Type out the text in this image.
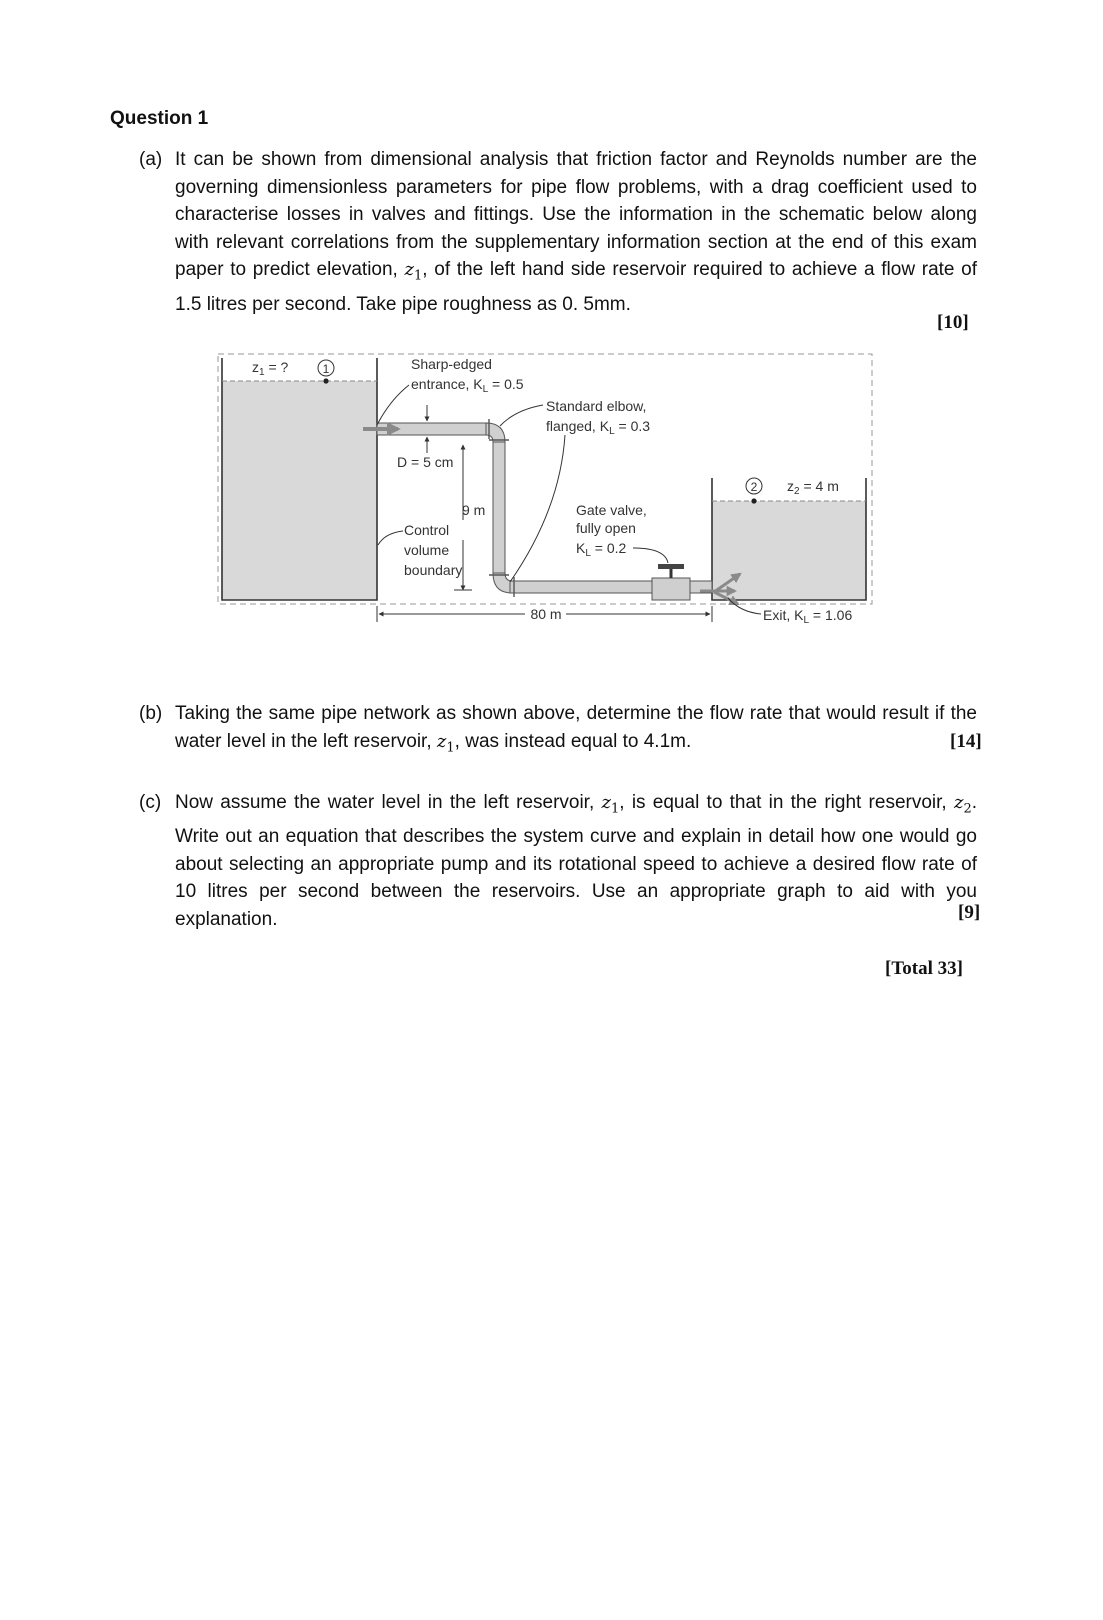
Question 1
(a) It can be shown from dimensional analysis that friction factor and Reynolds number are the governing dimensionless parameters for pipe flow problems, with a drag coefficient used to characterise losses in valves and fittings. Use the information in the schematic below along with relevant correlations from the supplementary information section at the end of this exam paper to predict elevation, $z_1$, of the left hand side reservoir required to achieve a flow rate of 1.5 litres per second. Take pipe roughness as 0. 5mm.
[10]
$z_1$ = ?	1	Sharp-edged
entrance, $K_L = 0.5$
Standard elbow,
flanged, $K_L = 0.3$
D = 5 cm
9 m
Control
volume
boundary
Gate valve,
fully open
$K_L = 0.2$
2 $z_2 = 4$ m
80 m	Exit, $K_L = 1.06$
(b) Taking the same pipe network as shown above, determine the flow rate that would result if the water level in the left reservoir, $z_1$, was instead equal to 4.1m.	[14]
(c) Now assume the water level in the left reservoir, $z_1$, is equal to that in the right reservoir, $z_2$. Write out an equation that describes the system curve and explain in detail how one would go about selecting an appropriate pump and its rotational speed to achieve a desired flow rate of 10 litres per second between the reservoirs. Use an appropriate graph to aid with you explanation.	[9]
[Total 33]
